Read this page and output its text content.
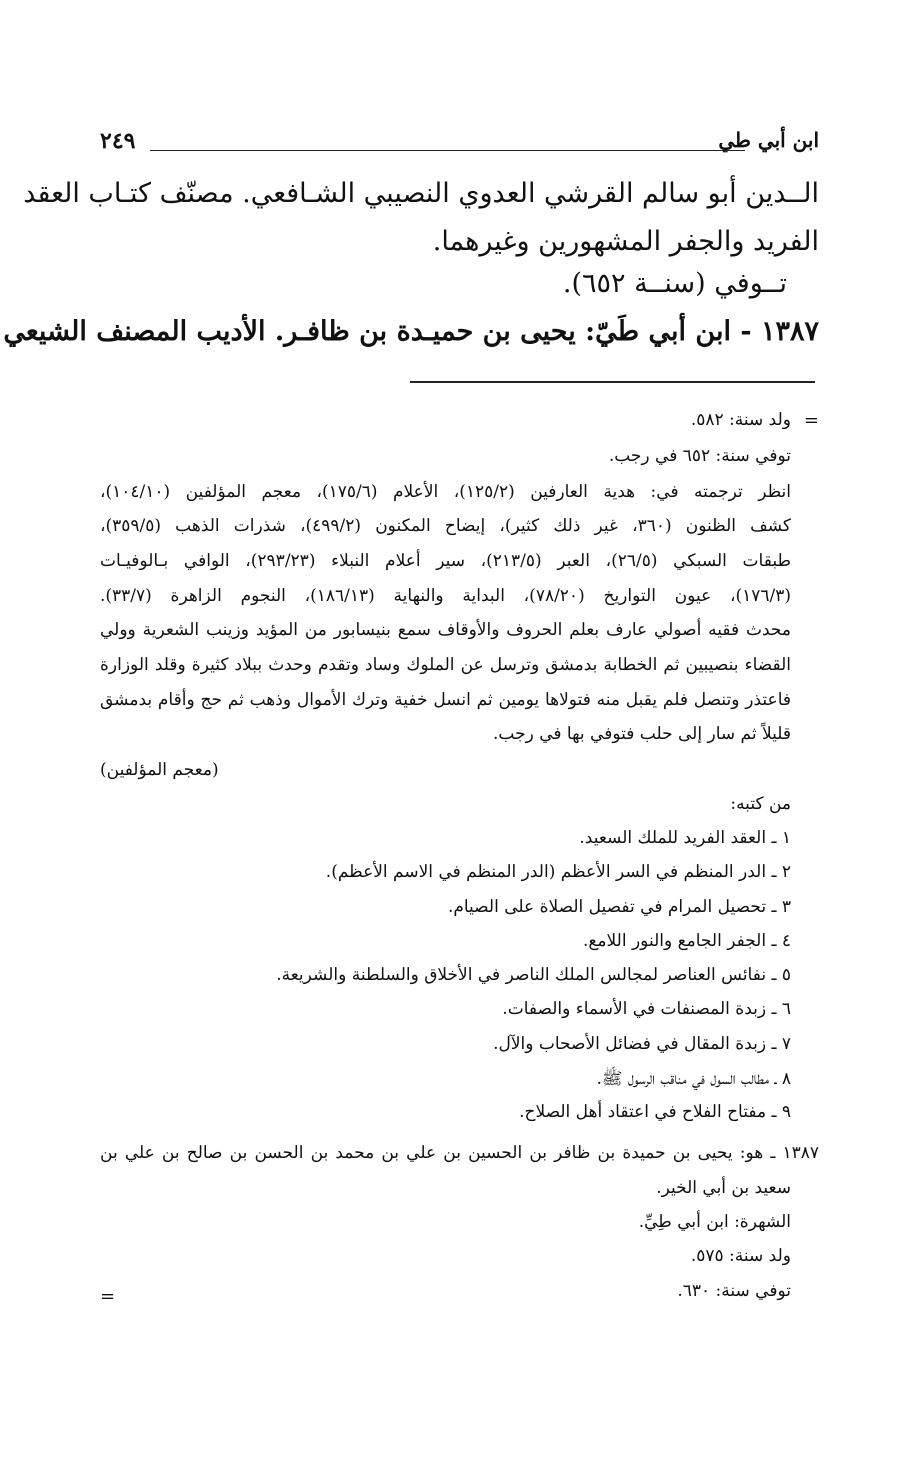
ابن أبي طي
٢٤٩
الــدين أبو سالم القرشي العدوي النصيبي الشـافعي. مصنّف كتـاب العقد
الفريد والجفر المشهورين وغيرهما.
تــوفي (سنــة ٦٥٢).
١٣٨٧ - ابن أبي طَيّ: يحيى بن حميـدة بن ظافـر. الأديب المصنف الشيعي
=
ولد سنة: ٥٨٢.
توفي سنة: ٦٥٢ في رجب.
انظر ترجمته في: هدية العارفين (١٢٥/٢)، الأعلام (١٧٥/٦)، معجم المؤلفين (١٠٤/١٠)،
كشف الظنون (٣٦٠، غير ذلك كثير)، إيضاح المكنون (٤٩٩/٢)، شذرات الذهب (٣٥٩/٥)،
طبقات السبكي (٢٦/٥)، العبر (٢١٣/٥)، سير أعلام النبلاء (٢٩٣/٢٣)، الوافي بـالوفيـات
(١٧٦/٣)، عيون التواريخ (٧٨/٢٠)، البداية والنهاية (١٨٦/١٣)، النجوم الزاهرة (٣٣/٧).
محدث فقيه أصولي عارف بعلم الحروف والأوقاف سمع بنيسابور من المؤيد وزينب الشعرية وولي
القضاء بنصيبين ثم الخطابة بدمشق وترسل عن الملوك وساد وتقدم وحدث ببلاد كثيرة وقلد الوزارة
فاعتذر وتنصل فلم يقبل منه فتولاها يومين ثم انسل خفية وترك الأموال وذهب ثم حج وأقام بدمشق
قليلاً ثم سار إلى حلب فتوفي بها في رجب.
(معجم المؤلفين)
من كتبه:
١ ـ العقد الفريد للملك السعيد.
٢ ـ الدر المنظم في السر الأعظم (الدر المنظم في الاسم الأعظم).
٣ ـ تحصيل المرام في تفصيل الصلاة على الصيام.
٤ ـ الجفر الجامع والنور اللامع.
٥ ـ نفائس العناصر لمجالس الملك الناصر في الأخلاق والسلطنة والشريعة.
٦ ـ زبدة المصنفات في الأسماء والصفات.
٧ ـ زبدة المقال في فضائل الأصحاب والآل.
٨ ـ مطالب السول في مناقب الرسول ﷺ.
٩ ـ مفتاح الفلاح في اعتقاد أهل الصلاح.
١٣٨٧ ـ هو: يحيى بن حميدة بن ظافر بن الحسين بن علي بن محمد بن الحسن بن صالح بن علي بن
سعيد بن أبي الخير.
الشهرة: ابن أبي طِيِّ.
ولد سنة: ٥٧٥.
توفي سنة: ٦٣٠.
=
